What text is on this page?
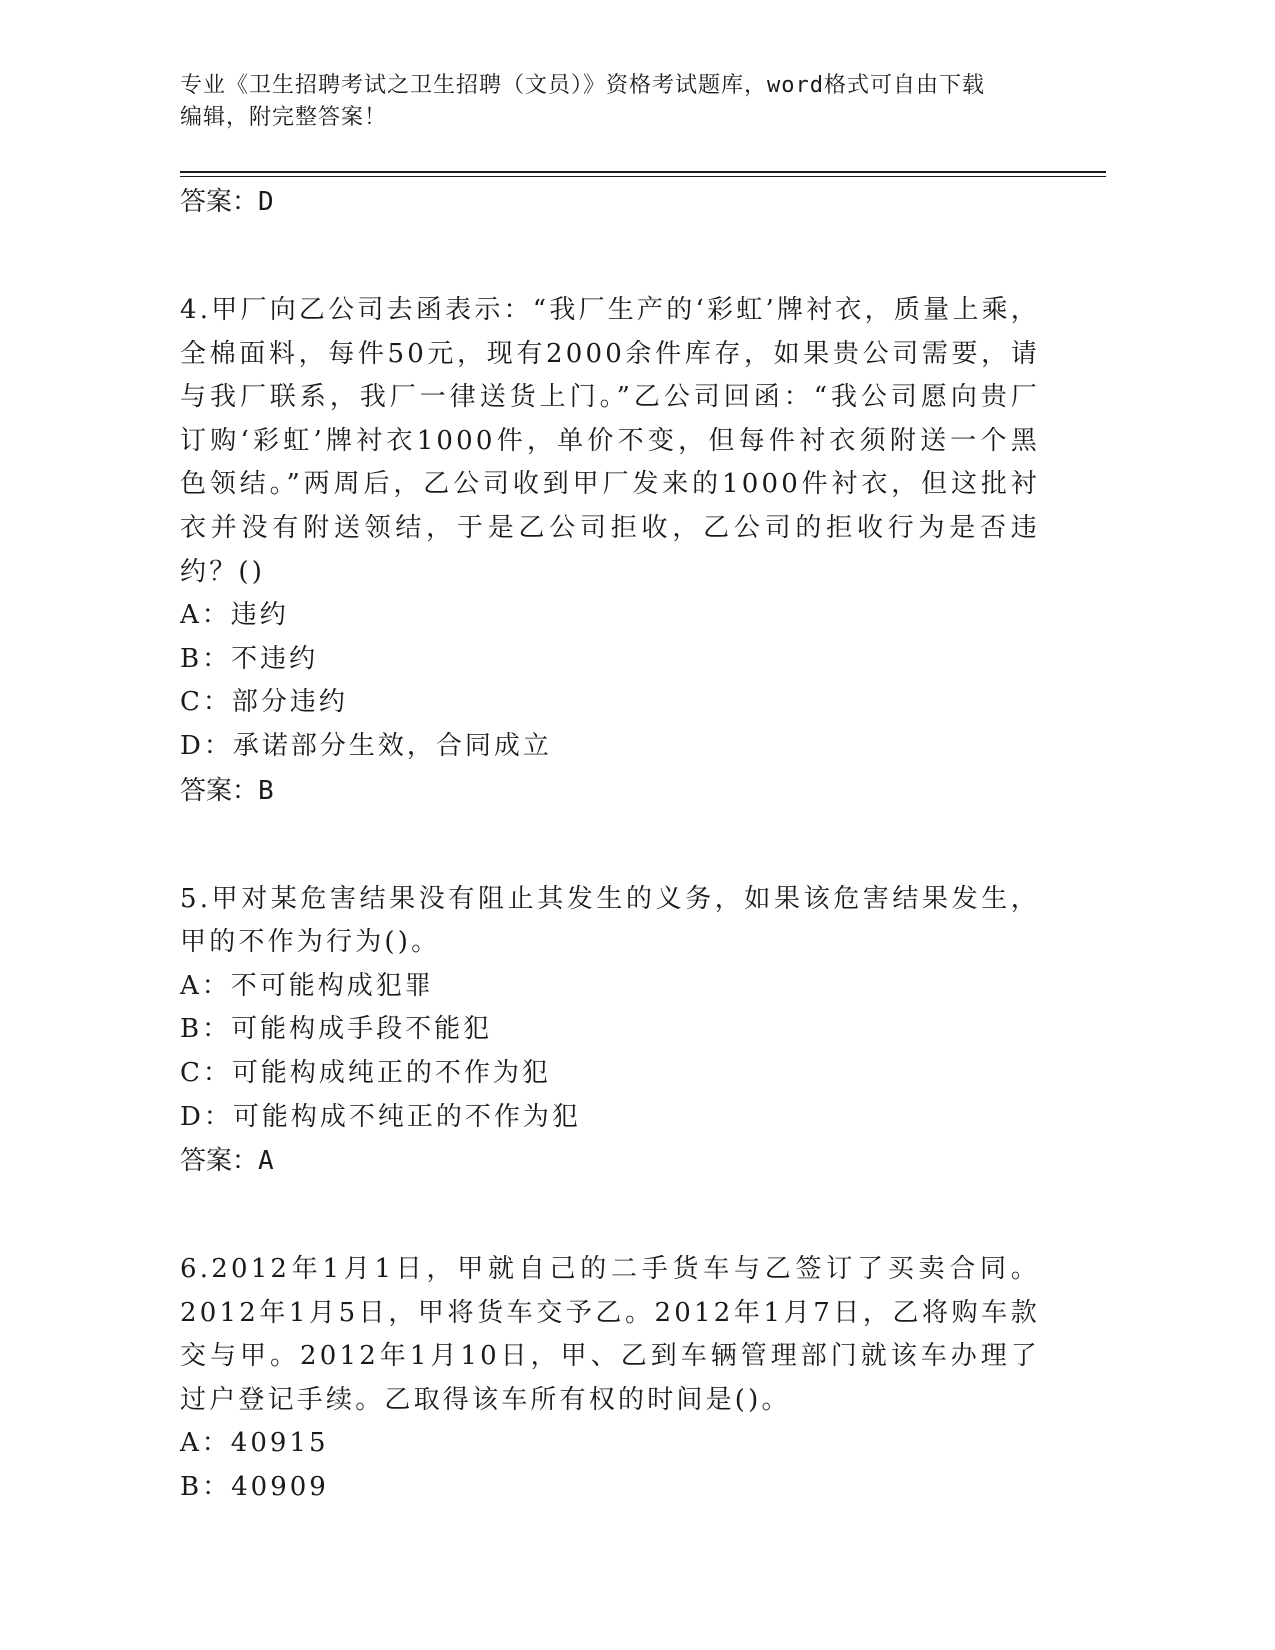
专业《卫生招聘考试之卫生招聘（文员）》资格考试题库，word格式可自由下载
编辑，附完整答案！
答案：D
4.甲厂向乙公司去函表示：“我厂生产的‘彩虹’牌衬衣，质量上乘，全棉面料，每件50元，现有2000余件库存，如果贵公司需要，请与我厂联系，我厂一律送货上门。”乙公司回函：“我公司愿向贵厂订购‘彩虹’牌衬衣1000件，单价不变，但每件衬衣须附送一个黑色领结。”两周后，乙公司收到甲厂发来的1000件衬衣，但这批衬衣并没有附送领结，于是乙公司拒收，乙公司的拒收行为是否违约？()
A：违约
B：不违约
C：部分违约
D：承诺部分生效，合同成立
答案：B
5.甲对某危害结果没有阻止其发生的义务，如果该危害结果发生，甲的不作为行为()。
A：不可能构成犯罪
B：可能构成手段不能犯
C：可能构成纯正的不作为犯
D：可能构成不纯正的不作为犯
答案：A
6.2012年1月1日，甲就自己的二手货车与乙签订了买卖合同。2012年1月5日，甲将货车交予乙。2012年1月7日，乙将购车款交与甲。2012年1月10日，甲、乙到车辆管理部门就该车办理了过户登记手续。乙取得该车所有权的时间是()。
A：40915
B：40909
